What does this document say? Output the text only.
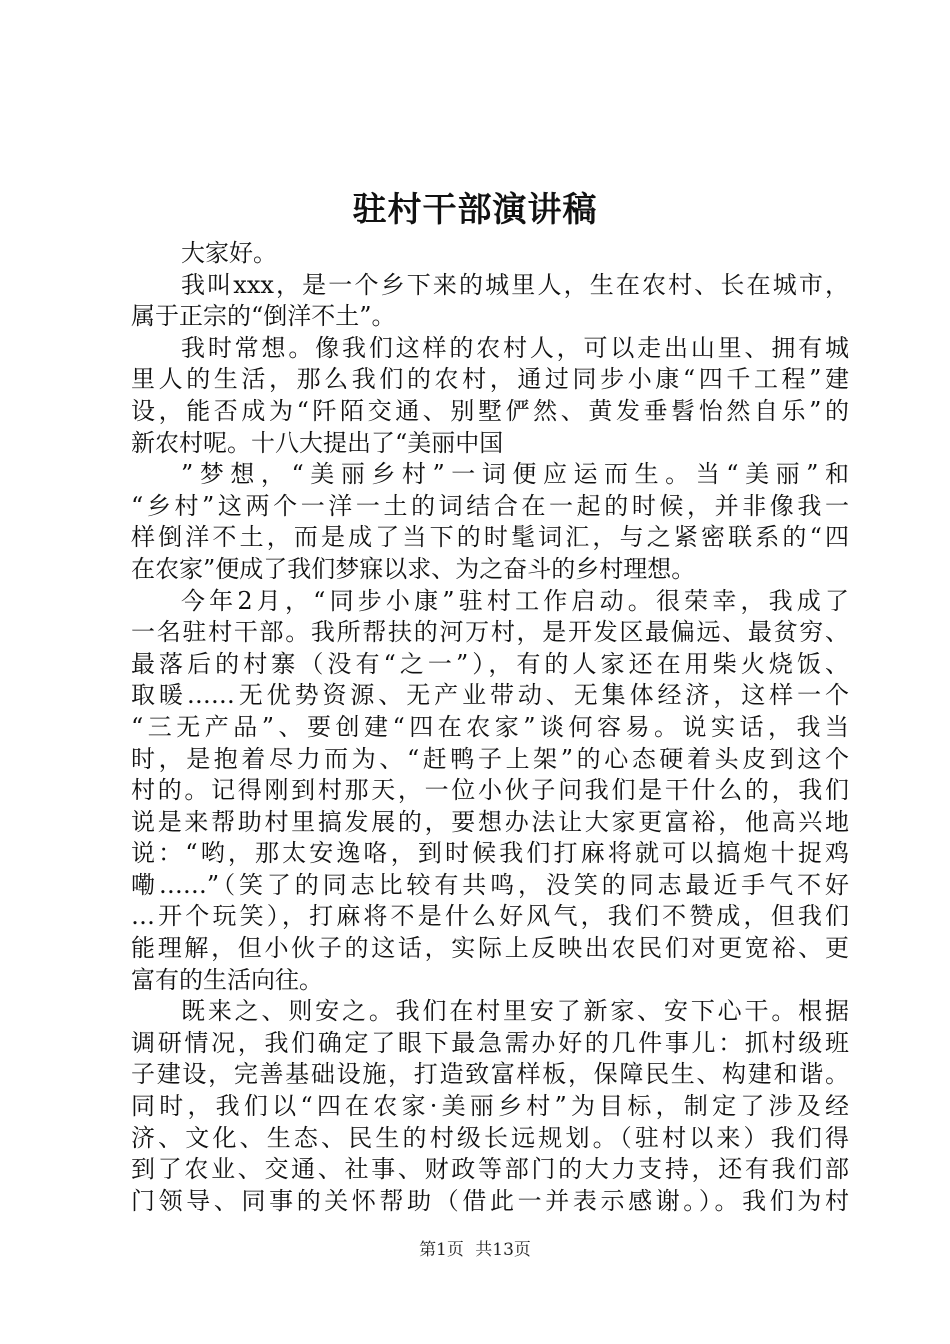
驻村干部演讲稿
大家好。
我叫xxx，是一个乡下来的城里人，生在农村、长在城市，
属于正宗的“倒洋不土”。
我时常想。像我们这样的农村人，可以走出山里、拥有城
里人的生活，那么我们的农村，通过同步小康“四千工程”建
设，能否成为“阡陌交通、别墅俨然、黄发垂髫怡然自乐”的
新农村呢。十八大提出了“美丽中国
”梦想，“美丽乡村”一词便应运而生。当“美丽”和
“乡村”这两个一洋一土的词结合在一起的时候，并非像我一
样倒洋不土，而是成了当下的时髦词汇，与之紧密联系的“四
在农家”便成了我们梦寐以求、为之奋斗的乡村理想。
今年2月，“同步小康”驻村工作启动。很荣幸，我成了
一名驻村干部。我所帮扶的河万村，是开发区最偏远、最贫穷、
最落后的村寨（没有“之一”），有的人家还在用柴火烧饭、
取暖……无优势资源、无产业带动、无集体经济，这样一个
“三无产品”、要创建“四在农家”谈何容易。说实话，我当
时，是抱着尽力而为、“赶鸭子上架”的心态硬着头皮到这个
村的。记得刚到村那天，一位小伙子问我们是干什么的，我们
说是来帮助村里搞发展的，要想办法让大家更富裕，他高兴地
说：“哟，那太安逸咯，到时候我们打麻将就可以搞炮十捉鸡
嘞……”（笑了的同志比较有共鸣，没笑的同志最近手气不好
…开个玩笑），打麻将不是什么好风气，我们不赞成，但我们
能理解，但小伙子的这话，实际上反映出农民们对更宽裕、更
富有的生活向往。
既来之、则安之。我们在村里安了新家、安下心干。根据
调研情况，我们确定了眼下最急需办好的几件事儿：抓村级班
子建设，完善基础设施，打造致富样板，保障民生、构建和谐。
同时，我们以“四在农家·美丽乡村”为目标，制定了涉及经
济、文化、生态、民生的村级长远规划。（驻村以来）我们得
到了农业、交通、社事、财政等部门的大力支持，还有我们部
门领导、同事的关怀帮助（借此一并表示感谢。）。我们为村
第1页 共13页
